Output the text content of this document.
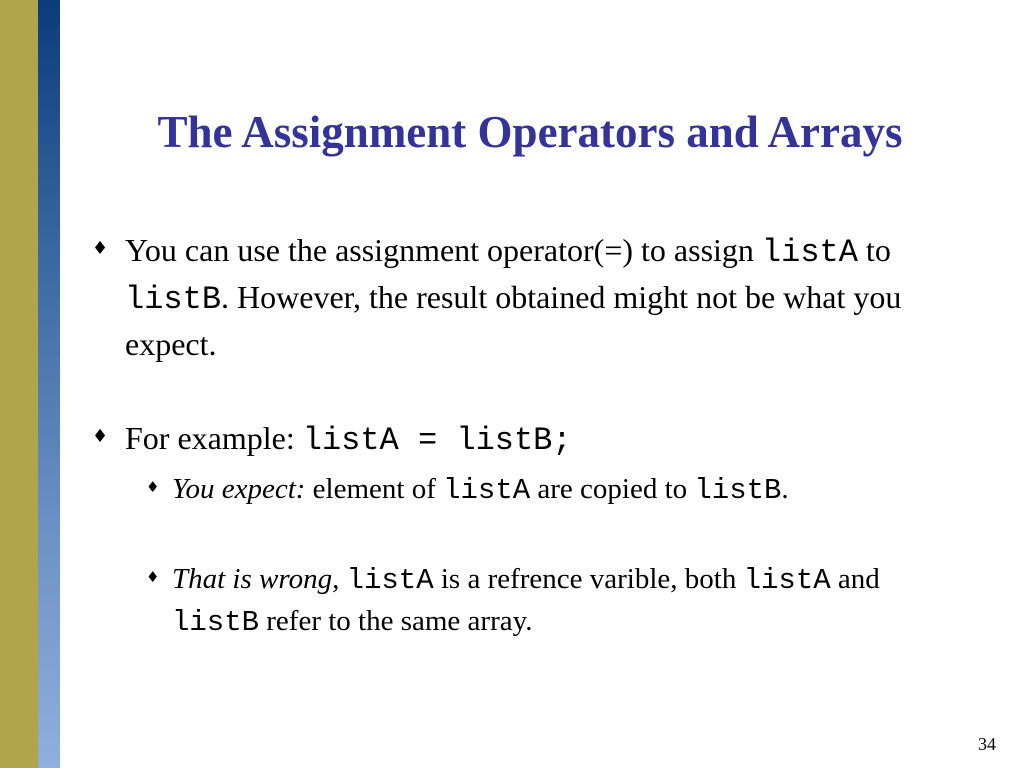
The Assignment Operators and Arrays
♦ You can use the assignment operator(=) to assign listA to listB. However, the result obtained might not be what you expect.
♦ For example: listA = listB;
♦ You expect: element of listA are copied to listB.
♦ That is wrong, listA is a refrence varible, both listA and listB refer to the same array.
34
